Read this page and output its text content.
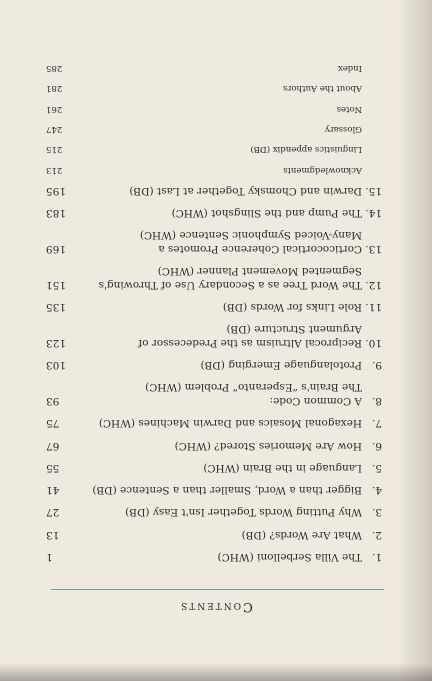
Contents
1.
The Villa Serbelloni (WHC)
1
2.
What Are Words? (DB)
13
3.
Why Putting Words Together Isn't Easy (DB)
27
4.
Bigger than a Word, Smaller than a Sentence (DB)
41
5.
Language in the Brain (WHC)
55
6.
How Are Memories Stored? (WHC)
67
7.
Hexagonal Mosaics and Darwin Machines (WHC)
75
8.
A Common Code:
The Brain's “Esperanto” Problem (WHC)
93
9.
Protolanguage Emerging (DB)
103
10.
Reciprocal Altruism as the Predecessor of
Argument Structure (DB)
123
11.
Role Links for Words (DB)
135
12.
The Word Tree as a Secondary Use of Throwing's
Segmented Movement Planner (WHC)
151
13.
Corticocortical Coherence Promotes a
Many-Voiced Symphonic Sentence (WHC)
169
14.
The Pump and the Slingshot (WHC)
183
15.
Darwin and Chomsky Together at Last (DB)
195
Acknowledgments
213
Linguistics appendix (DB)
215
Glossary
247
Notes
261
About the Authors
281
Index
285
